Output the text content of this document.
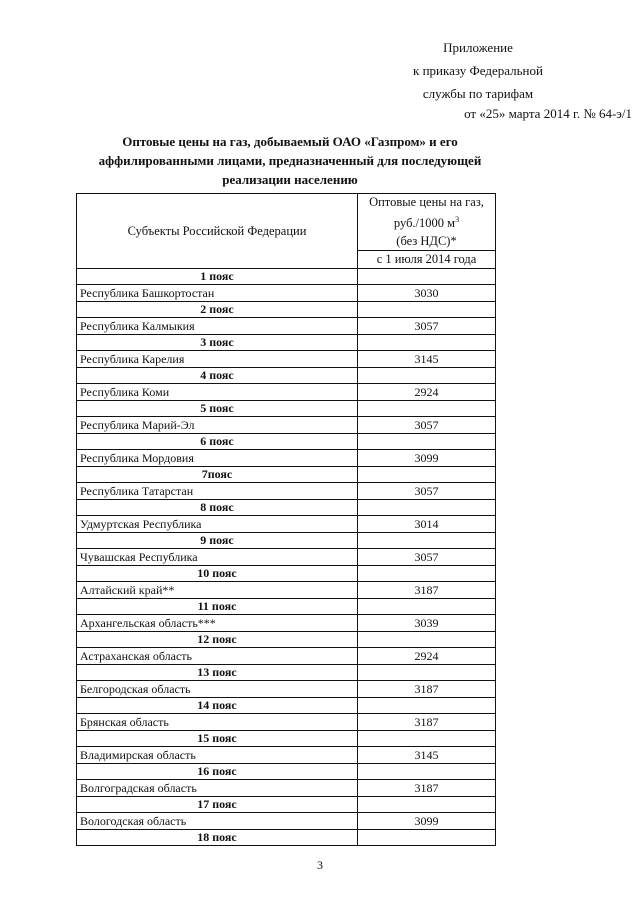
Приложение
к приказу Федеральной
службы по тарифам
от «25» марта 2014 г. № 64-э/1
Оптовые цены на газ, добываемый ОАО «Газпром» и его
аффилированными лицами, предназначенный для последующей
реализации населению
Субъекты Российской Федерации	Оптовые цены на газ,
руб./1000 $м^3$
(без НДС)*

	с 1 июля 2014 года
1 пояс	
Республика Башкортостан	3030
2 пояс	
Республика Калмыкия	3057
3 пояс	
Республика Карелия	3145
4 пояс	
Республика Коми	2924
5 пояс	
Республика Марий-Эл	3057
6 пояс	
Республика Мордовия	3099
7пояс	
Республика Татарстан	3057
8 пояс	
Удмуртская Республика	3014
9 пояс	
Чувашская Республика	3057
10 пояс	
Алтайский край**	3187
11 пояс	
Архангельская область***	3039
12 пояс	
Астраханская область	2924
13 пояс	
Белгородская область	3187
14 пояс	
Брянская область	3187
15 пояс	
Владимирская область	3145
16 пояс	
Волгоградская область	3187
17 пояс	
Вологодская область	3099
18 пояс	
3
